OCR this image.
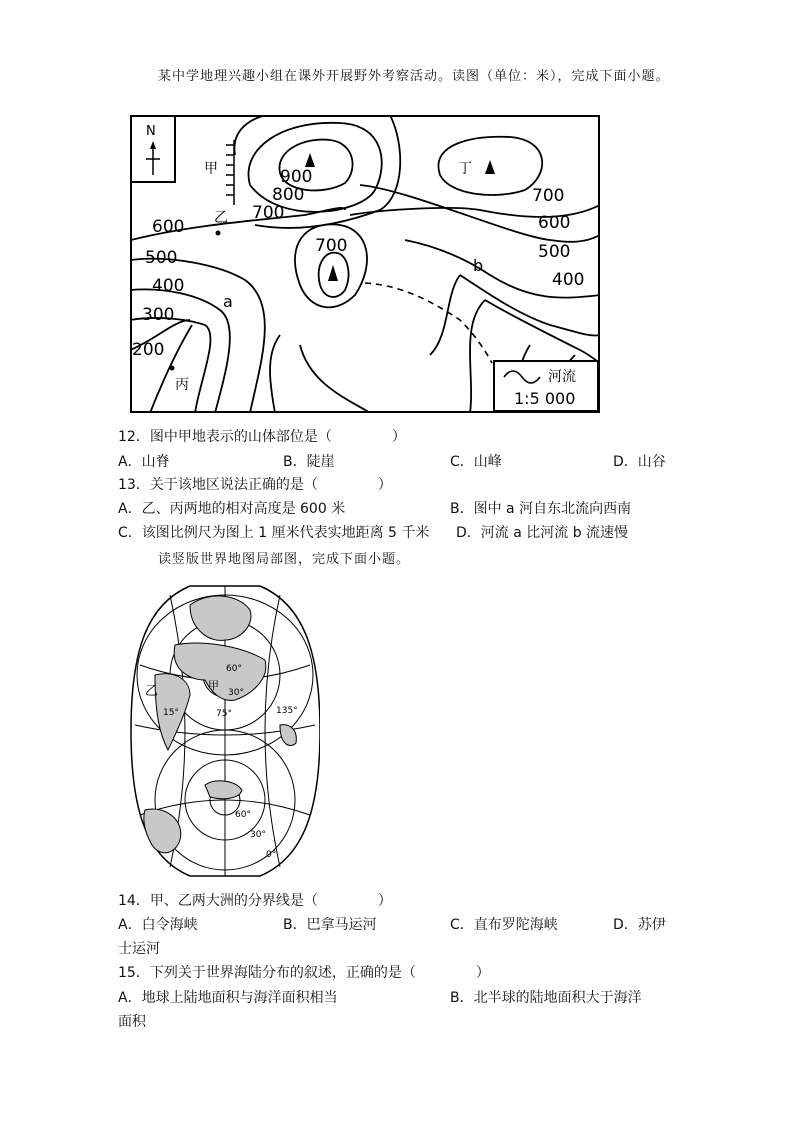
某中学地理兴趣小组在课外开展野外考察活动。读图（单位：米），完成下面小题。
N
900
800
700
700
700
600	600
500	500
400	400
300
200
甲
乙
丙
丁
a
b
河流
1:5 000
12．图中甲地表示的山体部位是（	）
A．山脊	B．陡崖	C．山峰	D．山谷
13．关于该地区说法正确的是（	）
A．乙、丙两地的相对高度是 600 米	B．图中 a 河自东北流向西南
C．该图比例尺为图上 1 厘米代表实地距离 5 千米 D．河流 a 比河流 b 流速慢
读竖版世界地图局部图，完成下面小题。
甲
乙
60°
30°
15°	75°	135°
60°
30°
0°
14．甲、乙两大洲的分界线是（	）
A．白令海峡	B．巴拿马运河	C．直布罗陀海峡	D．苏伊
士运河
15．下列关于世界海陆分布的叙述，正确的是（	）
A．地球上陆地面积与海洋面积相当	B．北半球的陆地面积大于海洋
面积
